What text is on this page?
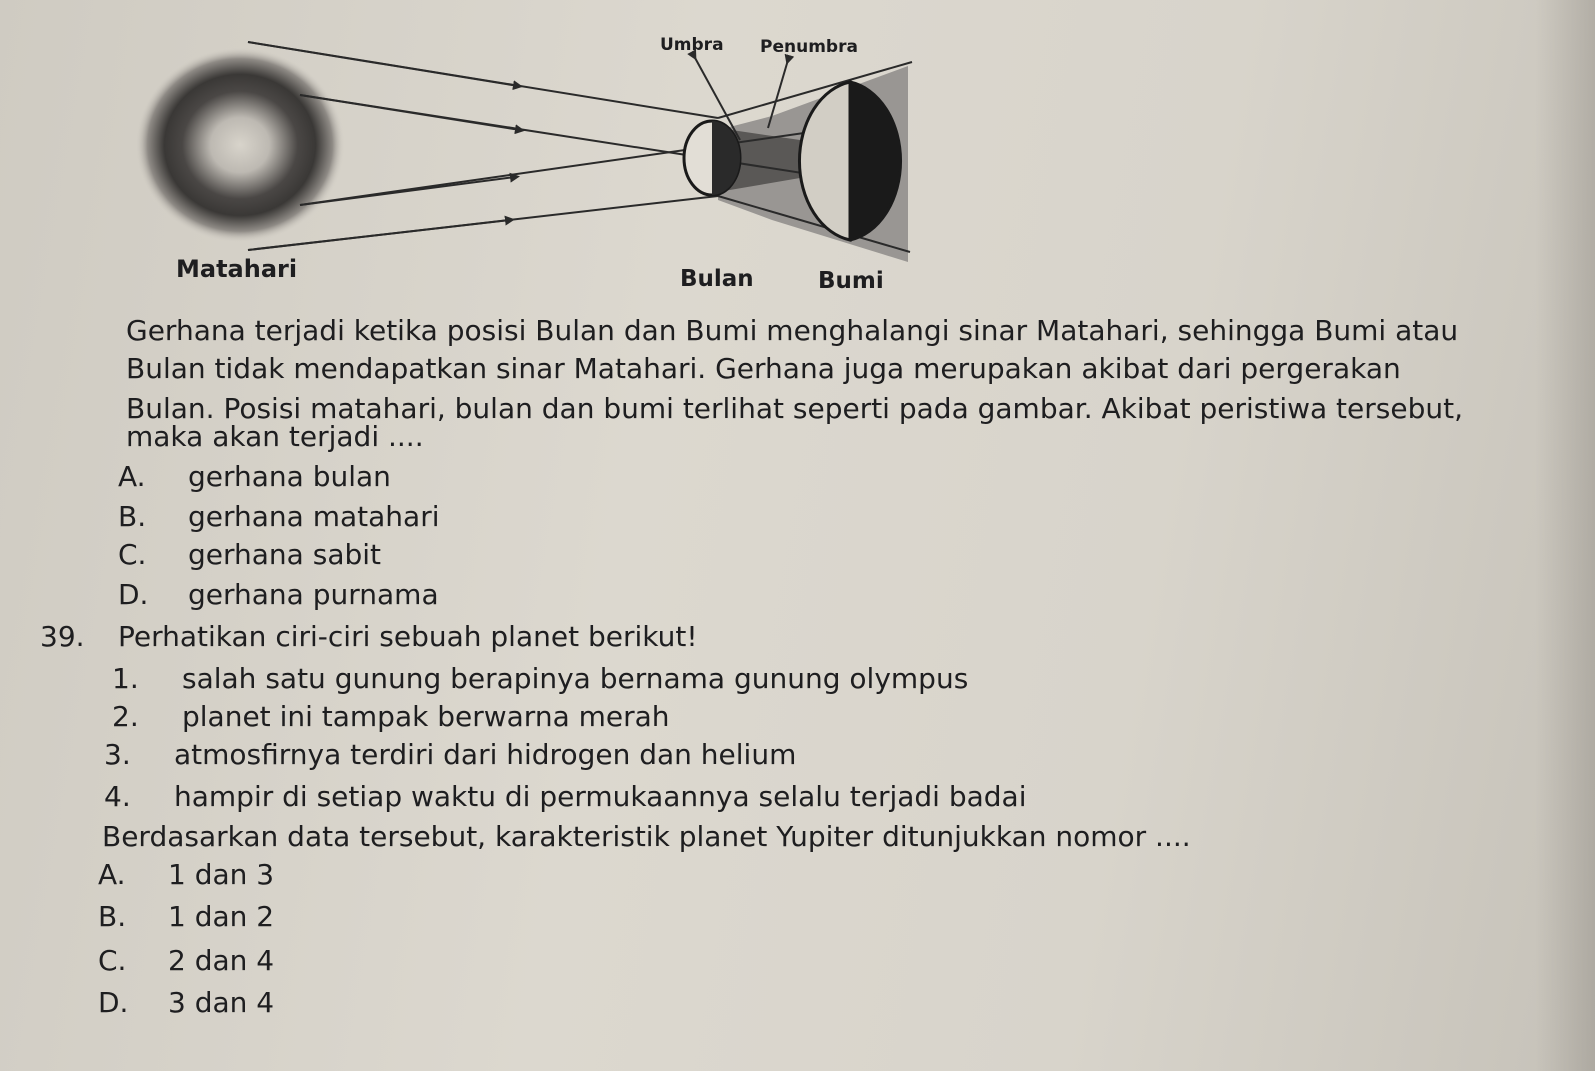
Umbra Penumbra
Matahari	Bulan	Bumi
Gerhana terjadi ketika posisi Bulan dan Bumi menghalangi sinar Matahari, sehingga Bumi atau
Bulan tidak mendapatkan sinar Matahari. Gerhana juga merupakan akibat dari pergerakan
Bulan. Posisi matahari, bulan dan bumi terlihat seperti pada gambar. Akibat peristiwa tersebut,
maka akan terjadi ....
A. gerhana bulan
B. gerhana matahari
C. gerhana sabit
D. gerhana purnama
39. Perhatikan ciri-ciri sebuah planet berikut!
1. salah satu gunung berapinya bernama gunung olympus
2. planet ini tampak berwarna merah
3. atmosfirnya terdiri dari hidrogen dan helium
4. hampir di setiap waktu di permukaannya selalu terjadi badai
Berdasarkan data tersebut, karakteristik planet Yupiter ditunjukkan nomor ....
A. 1 dan 3
B. 1 dan 2
C. 2 dan 4
D. 3 dan 4
